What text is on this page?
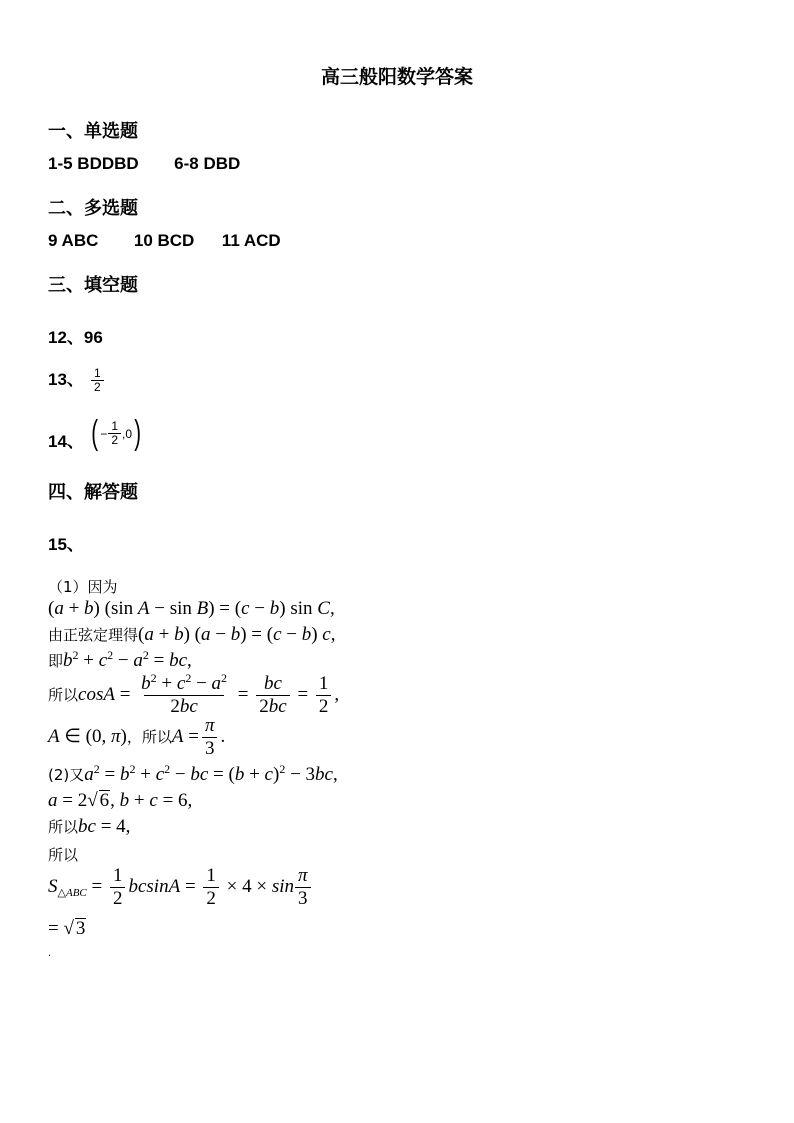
高三般阳数学答案
一、单选题
1-5 BDDBD 6-8 DBD
二、多选题
9 ABC 10 BCD 11 ACD
三、填空题
12、96
13、 $\frac{1}{2}$
14、 ( − $\frac{1}{2} ,0$ )
四、解答题
15、
（1）因为
(a + b) (sin A − sin B) = (c − b) sin C,
由正弦定理得(a + b) (a − b) = (c − b) c,
即$b^2 + c^2 - a^2$ = bc,
所以$\cos A = \frac{b^2 + c^2 - a^2}{2bc} = \frac{bc}{2bc} = \frac{1}{2}$ ,
A ∈ (0, π)，所以$A = \frac{\pi}{3}$ .
(2)又$a^2 = b^2 + c^2$ − bc = $(b + c)^2 - 3bc$,
a = 2√ 6, b + c = 6,
所以bc = 4,
所以
$S_{\triangle ABC} = \frac{1}{2}$ $bcsinA = \frac{1}{2} \times 4 \times \sin \frac{\pi}{3}$
= √ 3
.
